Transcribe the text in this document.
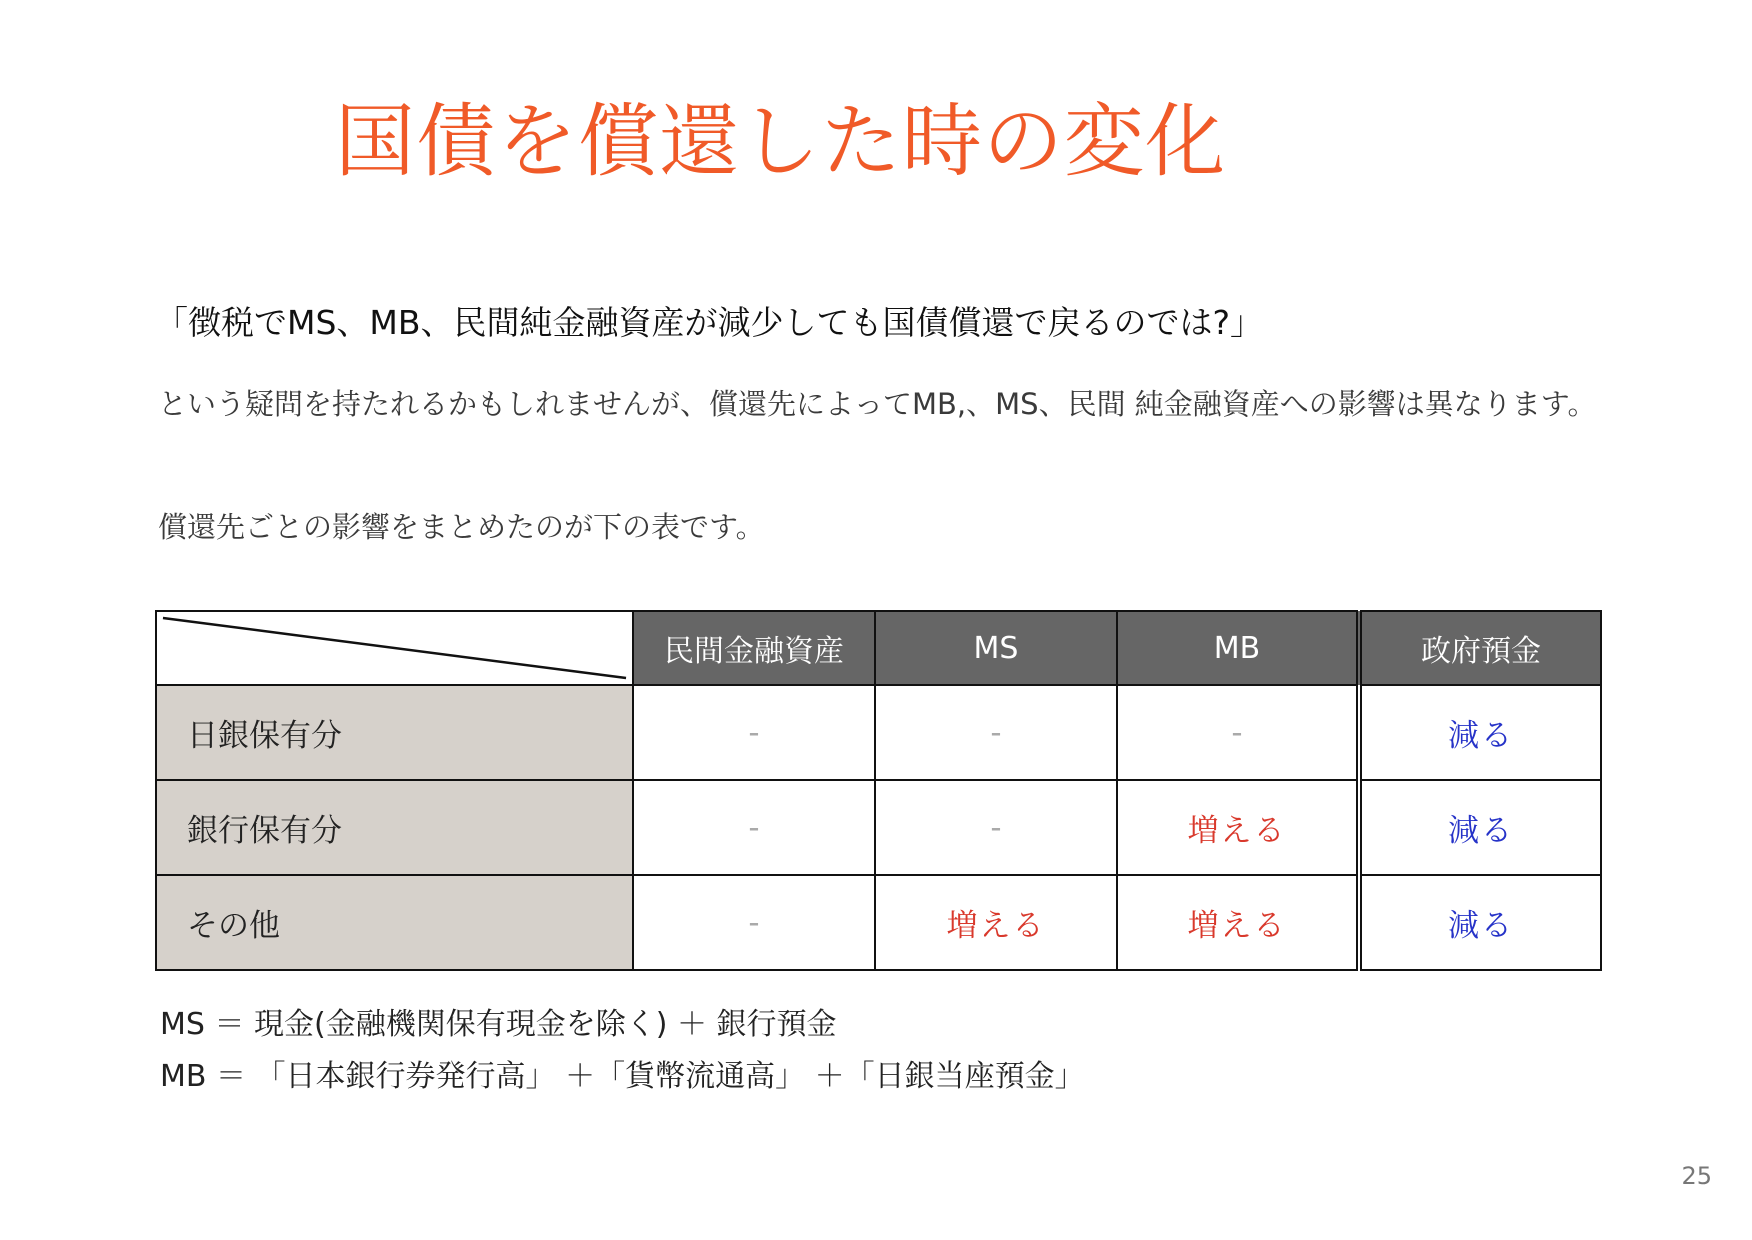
国債を償還した時の変化
「徴税でMS、MB、民間純金融資産が減少しても国債償還で戻るのでは?」
という疑問を持たれるかもしれませんが、償還先によってMB,、MS、民間 純金融資産への影響は異なります。
償還先ごとの影響をまとめたのが下の表です。
	民間金融資産	MS	MB	政府預金
日銀保有分	-	-	-	減る
銀行保有分	-	-	増える	減る
その他	-	増える	増える	減る
MS ＝ 現金(金融機関保有現金を除く) ＋ 銀行預金
MB ＝ 「日本銀行券発行高」 ＋「貨幣流通高」 ＋「日銀当座預金」
25
